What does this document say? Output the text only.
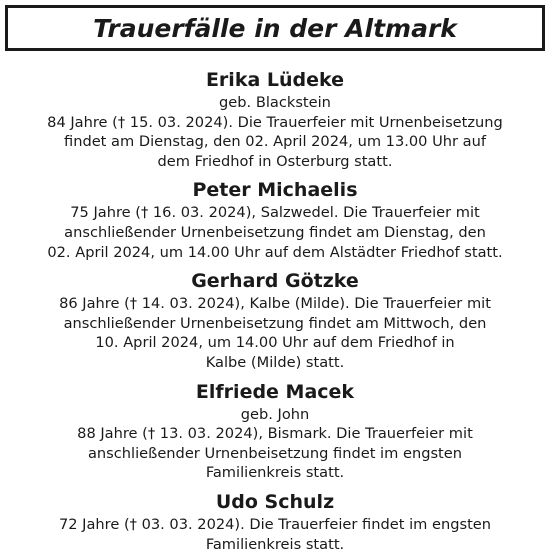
Trauerfälle in der Altmark
Erika Lüdeke
geb. Blackstein
84 Jahre († 15. 03. 2024). Die Trauerfeier mit Urnenbeisetzung
findet am Dienstag, den 02. April 2024, um 13.00 Uhr auf
dem Friedhof in Osterburg statt.
Peter Michaelis
75 Jahre († 16. 03. 2024), Salzwedel. Die Trauerfeier mit
anschließender Urnenbeisetzung findet am Dienstag, den
02. April 2024, um 14.00 Uhr auf dem Alstädter Friedhof statt.
Gerhard Götzke
86 Jahre († 14. 03. 2024), Kalbe (Milde). Die Trauerfeier mit
anschließender Urnenbeisetzung findet am Mittwoch, den
10. April 2024, um 14.00 Uhr auf dem Friedhof in
Kalbe (Milde) statt.
Elfriede Macek
geb. John
88 Jahre († 13. 03. 2024), Bismark. Die Trauerfeier mit
anschließender Urnenbeisetzung findet im engsten
Familienkreis statt.
Udo Schulz
72 Jahre († 03. 03. 2024). Die Trauerfeier findet im engsten
Familienkreis statt.
